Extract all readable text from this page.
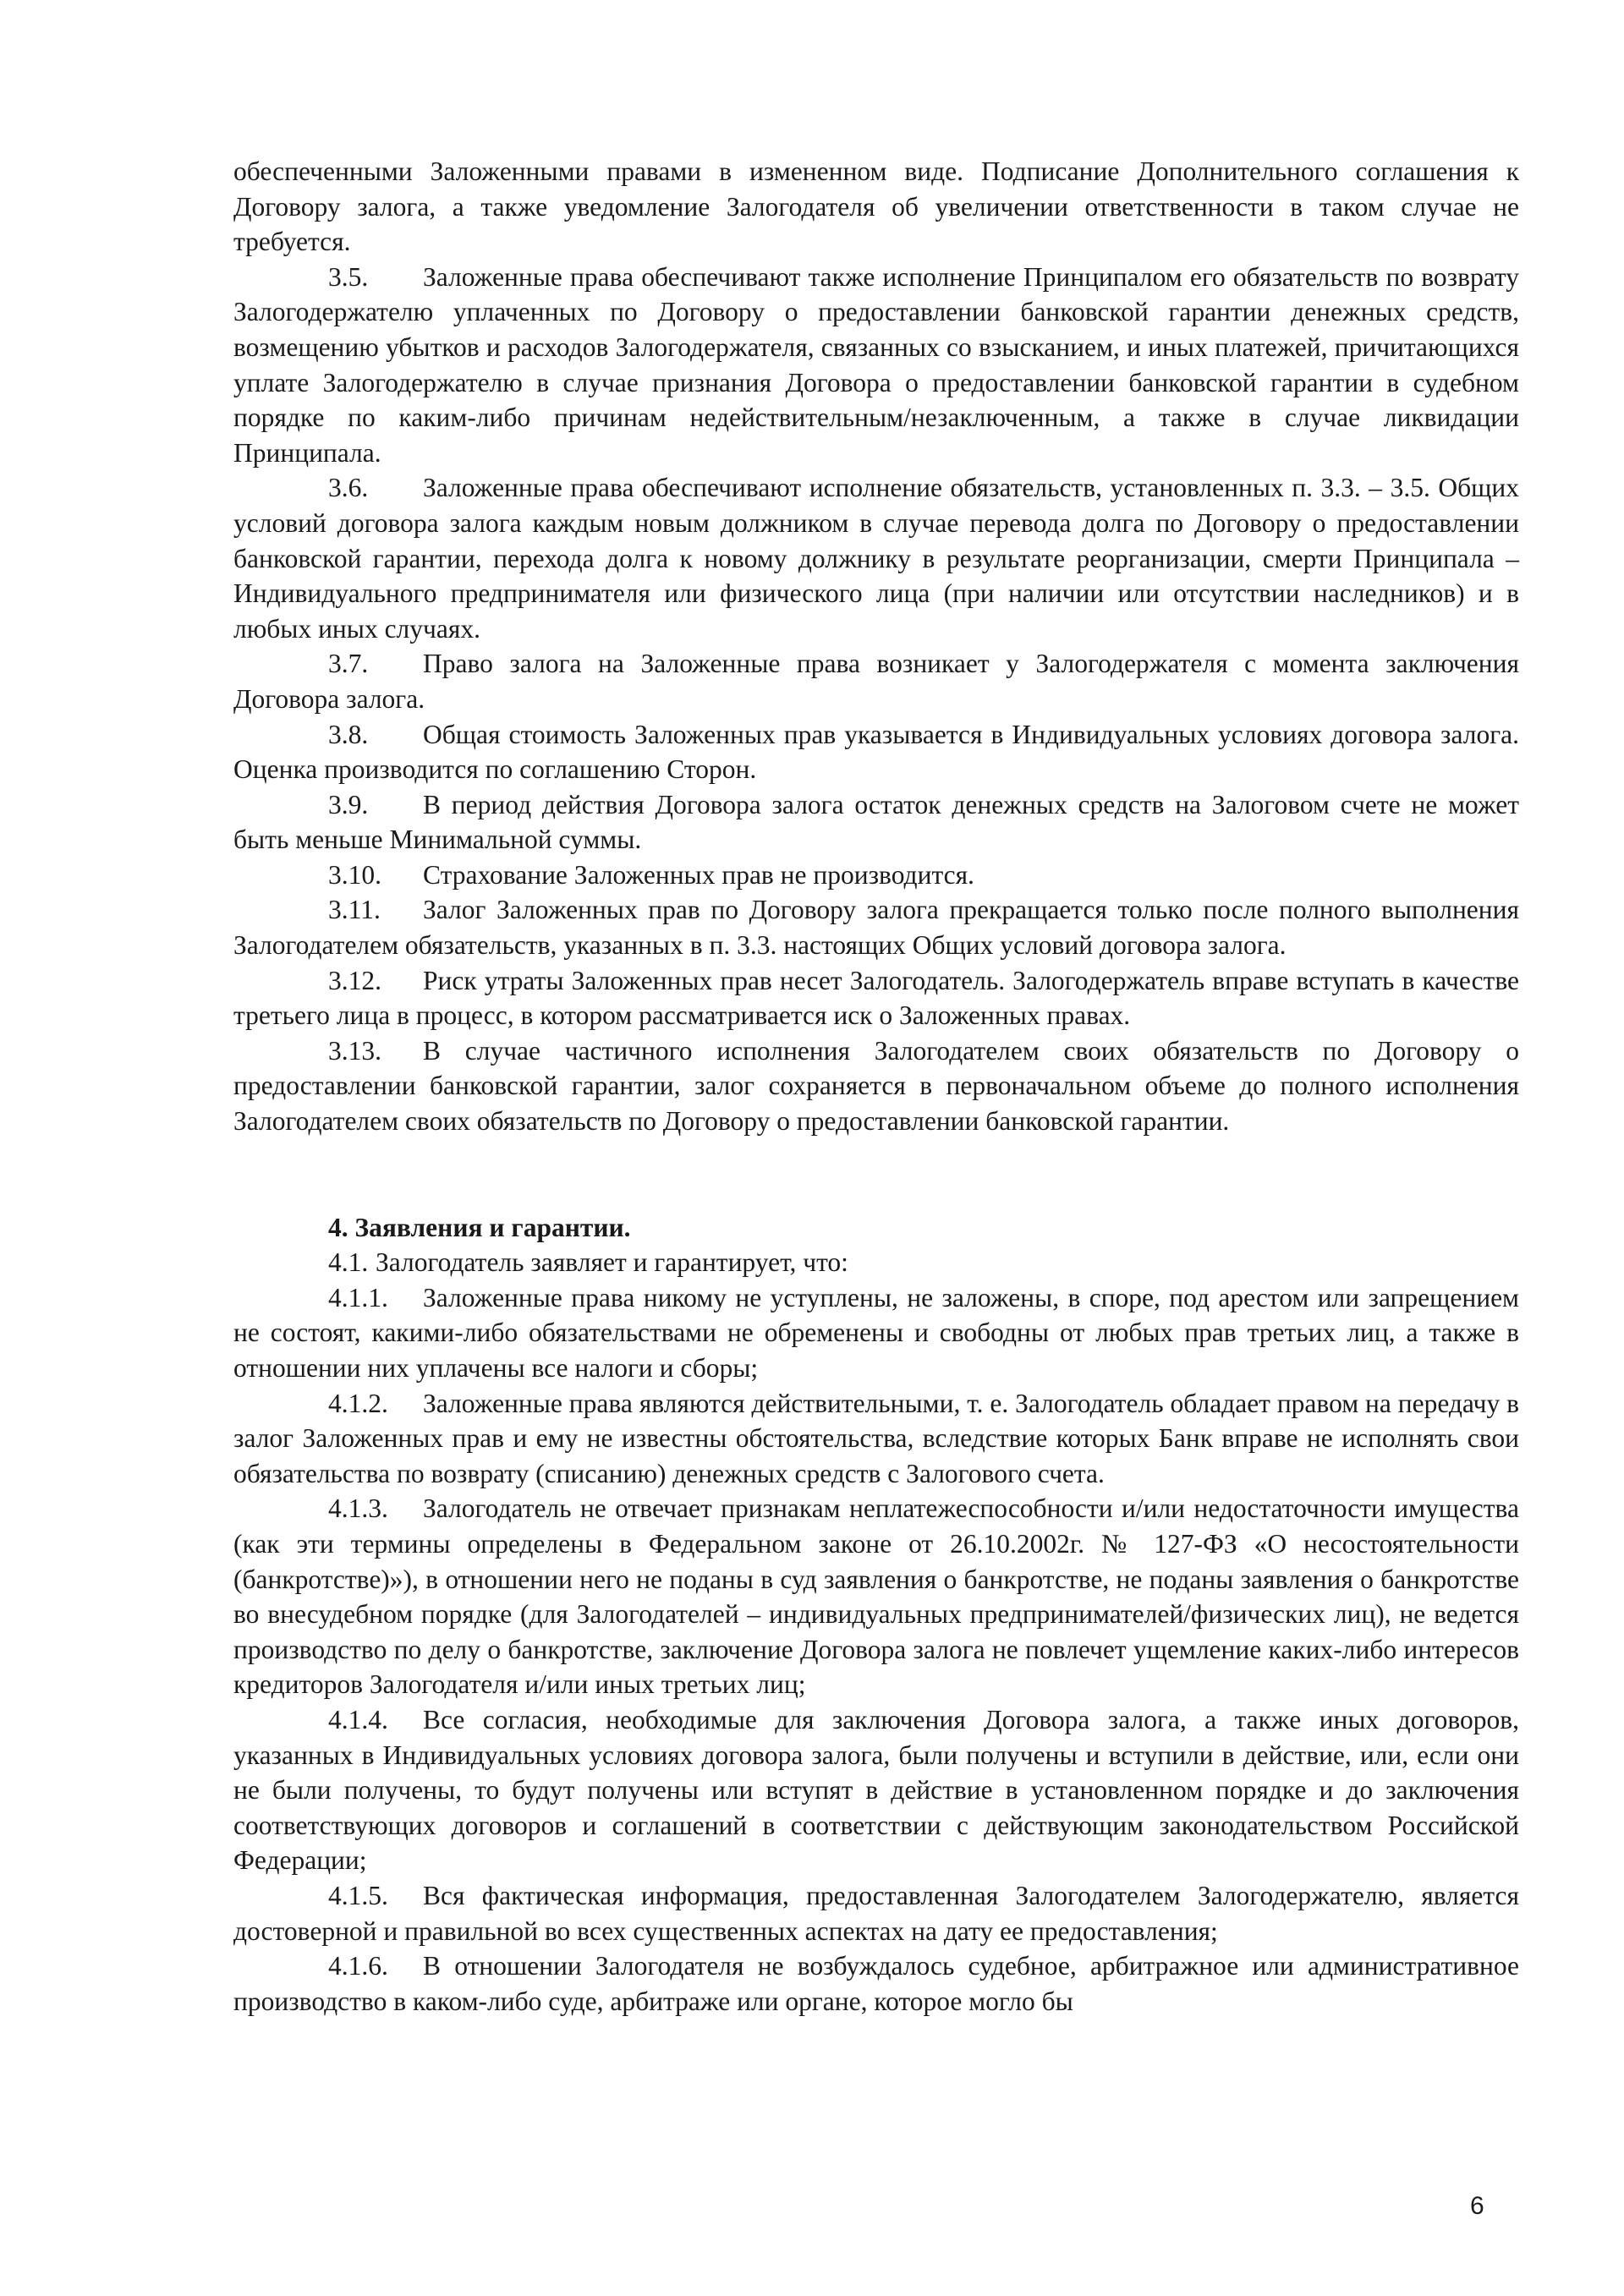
обеспеченными Заложенными правами в измененном виде. Подписание Дополнительного соглашения к Договору залога, а также уведомление Залогодателя об увеличении ответственности в таком случае не требуется.

3.5. Заложенные права обеспечивают также исполнение Принципалом его обязательств по возврату Залогодержателю уплаченных по Договору о предоставлении банковской гарантии денежных средств, возмещению убытков и расходов Залогодержателя, связанных со взысканием, и иных платежей, причитающихся уплате Залогодержателю в случае признания Договора о предоставлении банковской гарантии в судебном порядке по каким-либо причинам недействительным/незаключенным, а также в случае ликвидации Принципала.

3.6. Заложенные права обеспечивают исполнение обязательств, установленных п. 3.3. – 3.5. Общих условий договора залога каждым новым должником в случае перевода долга по Договору о предоставлении банковской гарантии, перехода долга к новому должнику в результате реорганизации, смерти Принципала – Индивидуального предпринимателя или физического лица (при наличии или отсутствии наследников) и в любых иных случаях.

3.7. Право залога на Заложенные права возникает у Залогодержателя с момента заключения Договора залога.

3.8. Общая стоимость Заложенных прав указывается в Индивидуальных условиях договора залога. Оценка производится по соглашению Сторон.

3.9. В период действия Договора залога остаток денежных средств на Залоговом счете не может быть меньше Минимальной суммы.

3.10. Страхование Заложенных прав не производится.

3.11. Залог Заложенных прав по Договору залога прекращается только после полного выполнения Залогодателем обязательств, указанных в п. 3.3. настоящих Общих условий договора залога.

3.12. Риск утраты Заложенных прав несет Залогодатель. Залогодержатель вправе вступать в качестве третьего лица в процесс, в котором рассматривается иск о Заложенных правах.

3.13. В случае частичного исполнения Залогодателем своих обязательств по Договору о предоставлении банковской гарантии, залог сохраняется в первоначальном объеме до полного исполнения Залогодателем своих обязательств по Договору о предоставлении банковской гарантии.

4. Заявления и гарантии.

4.1. Залогодатель заявляет и гарантирует, что:

4.1.1. Заложенные права никому не уступлены, не заложены, в споре, под арестом или запрещением не состоят, какими-либо обязательствами не обременены и свободны от любых прав третьих лиц, а также в отношении них уплачены все налоги и сборы;

4.1.2. Заложенные права являются действительными, т. е. Залогодатель обладает правом на передачу в залог Заложенных прав и ему не известны обстоятельства, вследствие которых Банк вправе не исполнять свои обязательства по возврату (списанию) денежных средств с Залогового счета.

4.1.3. Залогодатель не отвечает признакам неплатежеспособности и/или недостаточности имущества (как эти термины определены в Федеральном законе от 26.10.2002г. № 127-ФЗ «О несостоятельности (банкротстве)»), в отношении него не поданы в суд заявления о банкротстве, не поданы заявления о банкротстве во внесудебном порядке (для Залогодателей – индивидуальных предпринимателей/физических лиц), не ведется производство по делу о банкротстве, заключение Договора залога не повлечет ущемление каких-либо интересов кредиторов Залогодателя и/или иных третьих лиц;

4.1.4. Все согласия, необходимые для заключения Договора залога, а также иных договоров, указанных в Индивидуальных условиях договора залога, были получены и вступили в действие, или, если они не были получены, то будут получены или вступят в действие в установленном порядке и до заключения соответствующих договоров и соглашений в соответствии с действующим законодательством Российской Федерации;

4.1.5. Вся фактическая информация, предоставленная Залогодателем Залогодержателю, является достоверной и правильной во всех существенных аспектах на дату ее предоставления;

4.1.6. В отношении Залогодателя не возбуждалось судебное, арбитражное или административное производство в каком-либо суде, арбитраже или органе, которое могло бы

6
